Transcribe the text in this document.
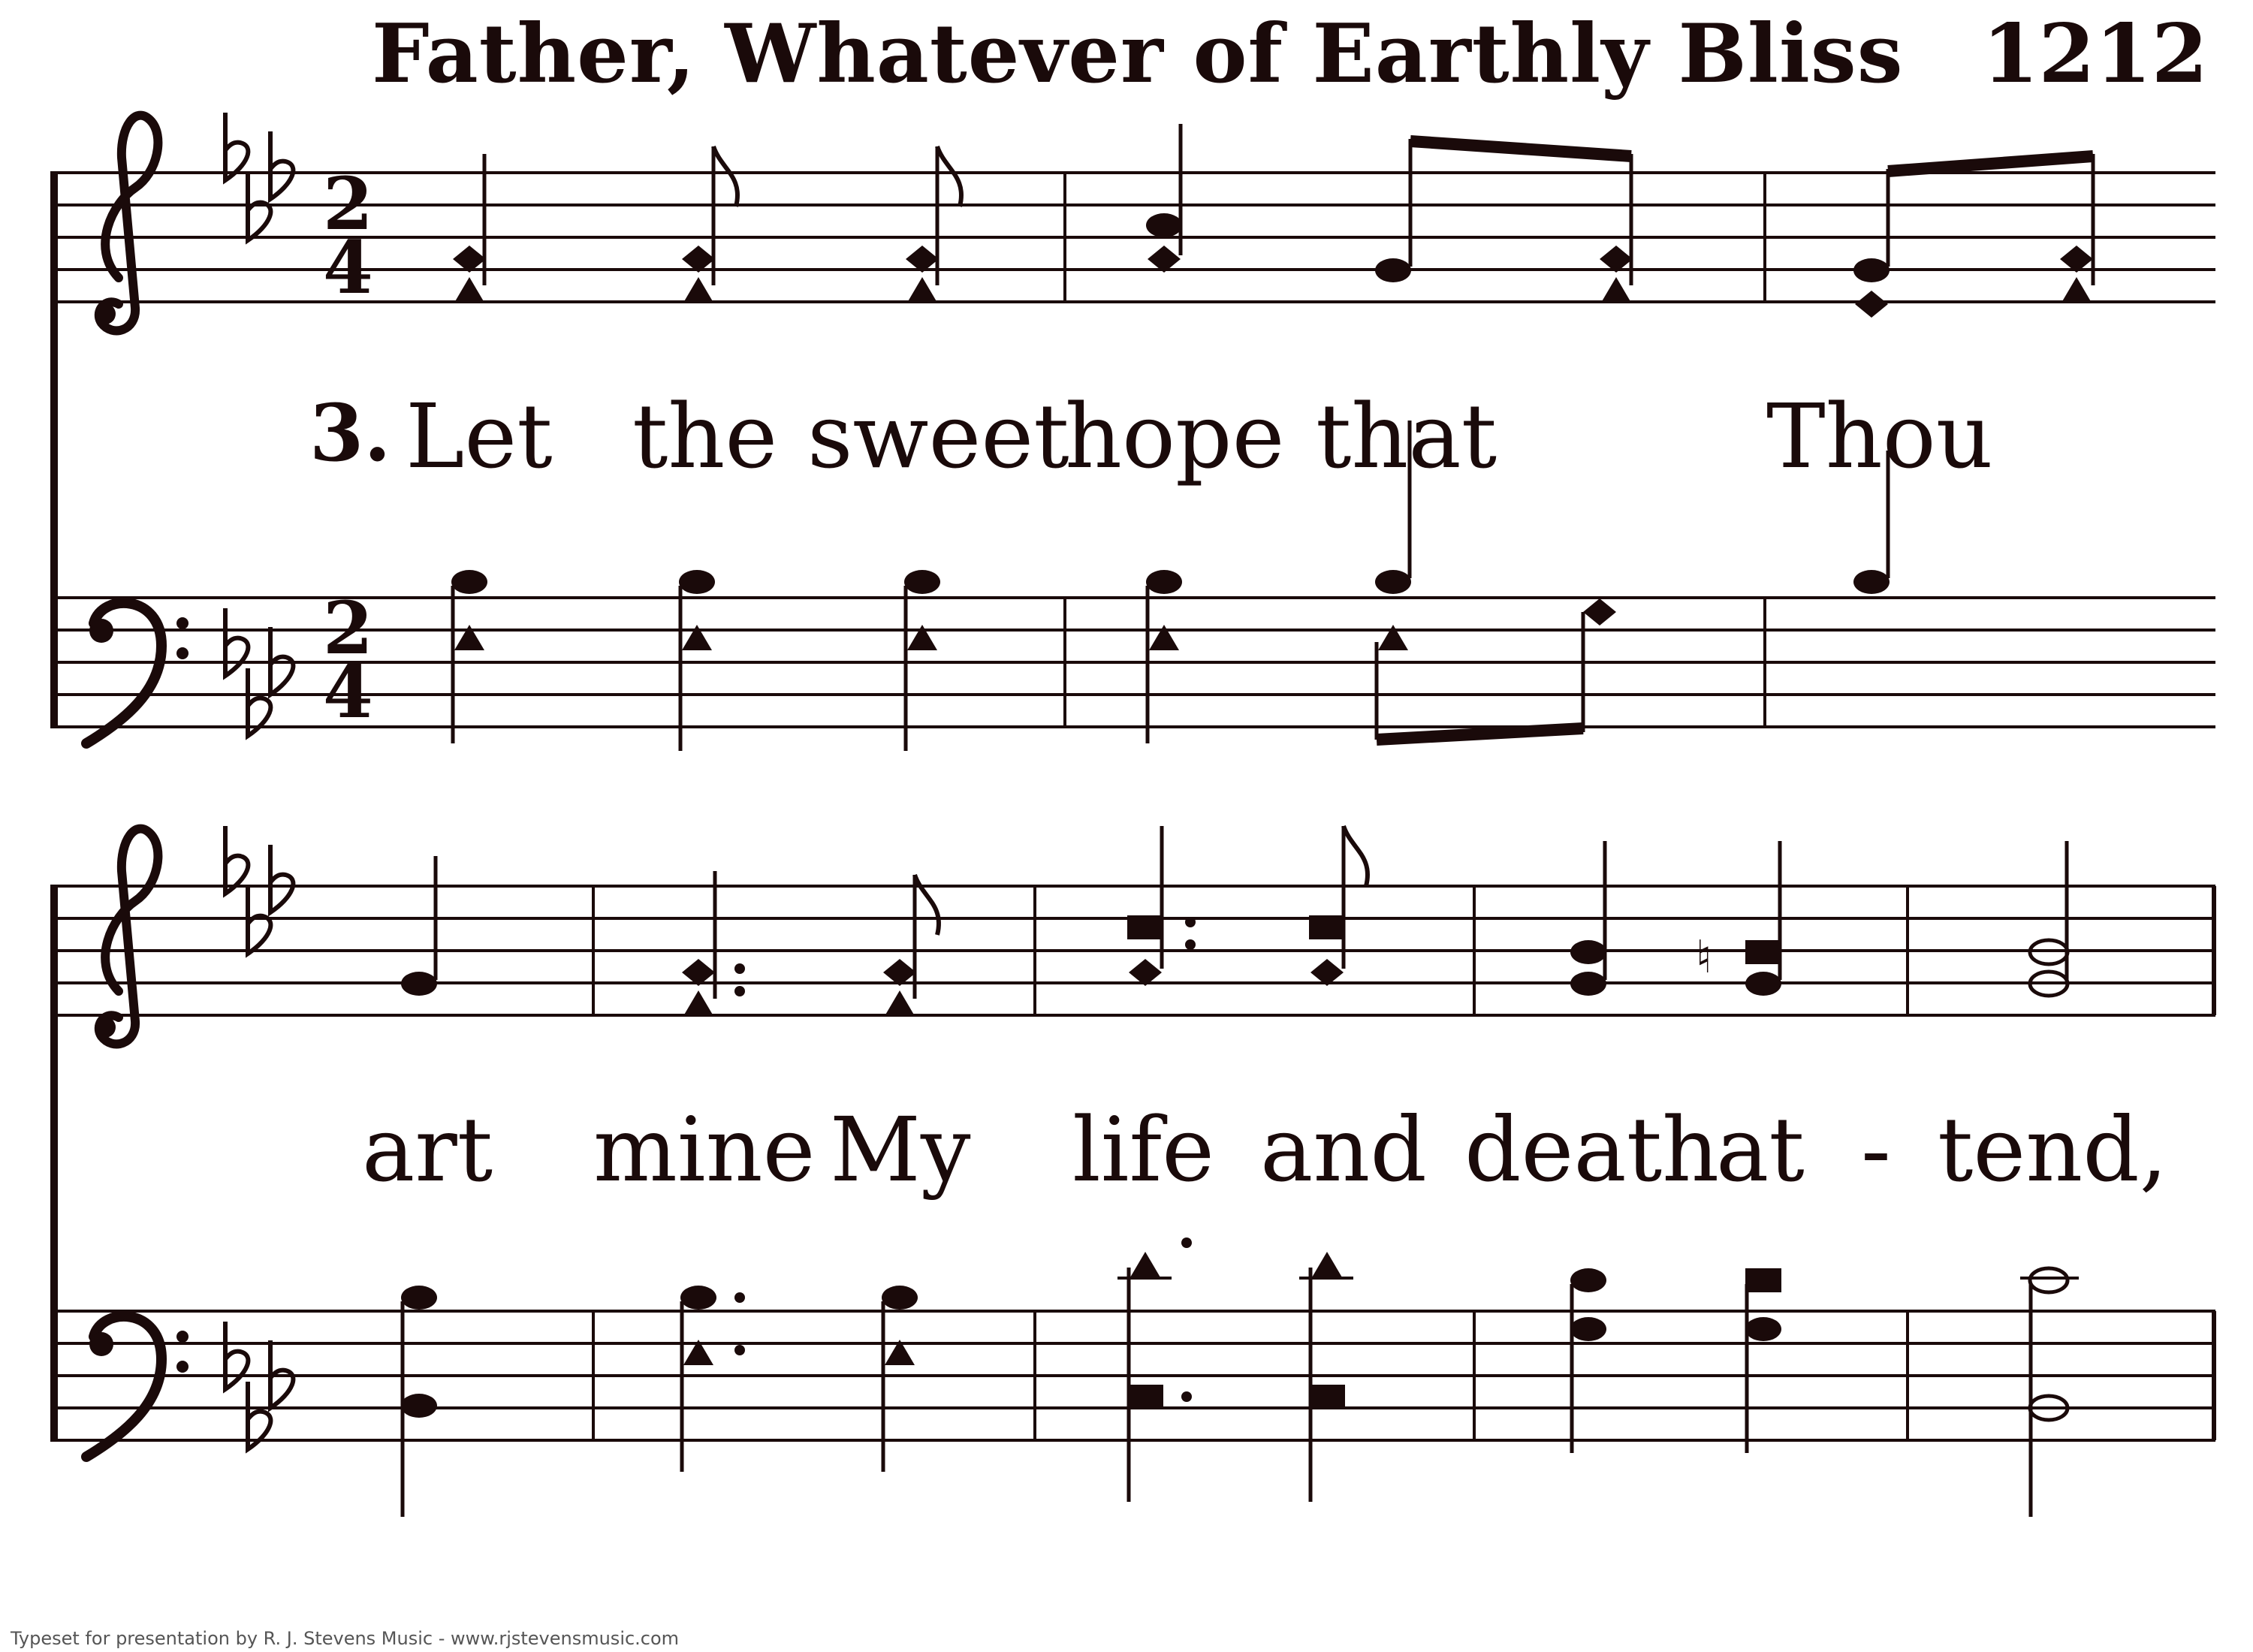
Father, Whatever of Earthly Bliss 1212
2
4
2
4
♮
3. Let the sweet
hope that	Thou
art mine My life and death
at - tend,
Typeset for presentation by R. J. Stevens Music - www.rjstevensmusic.com
